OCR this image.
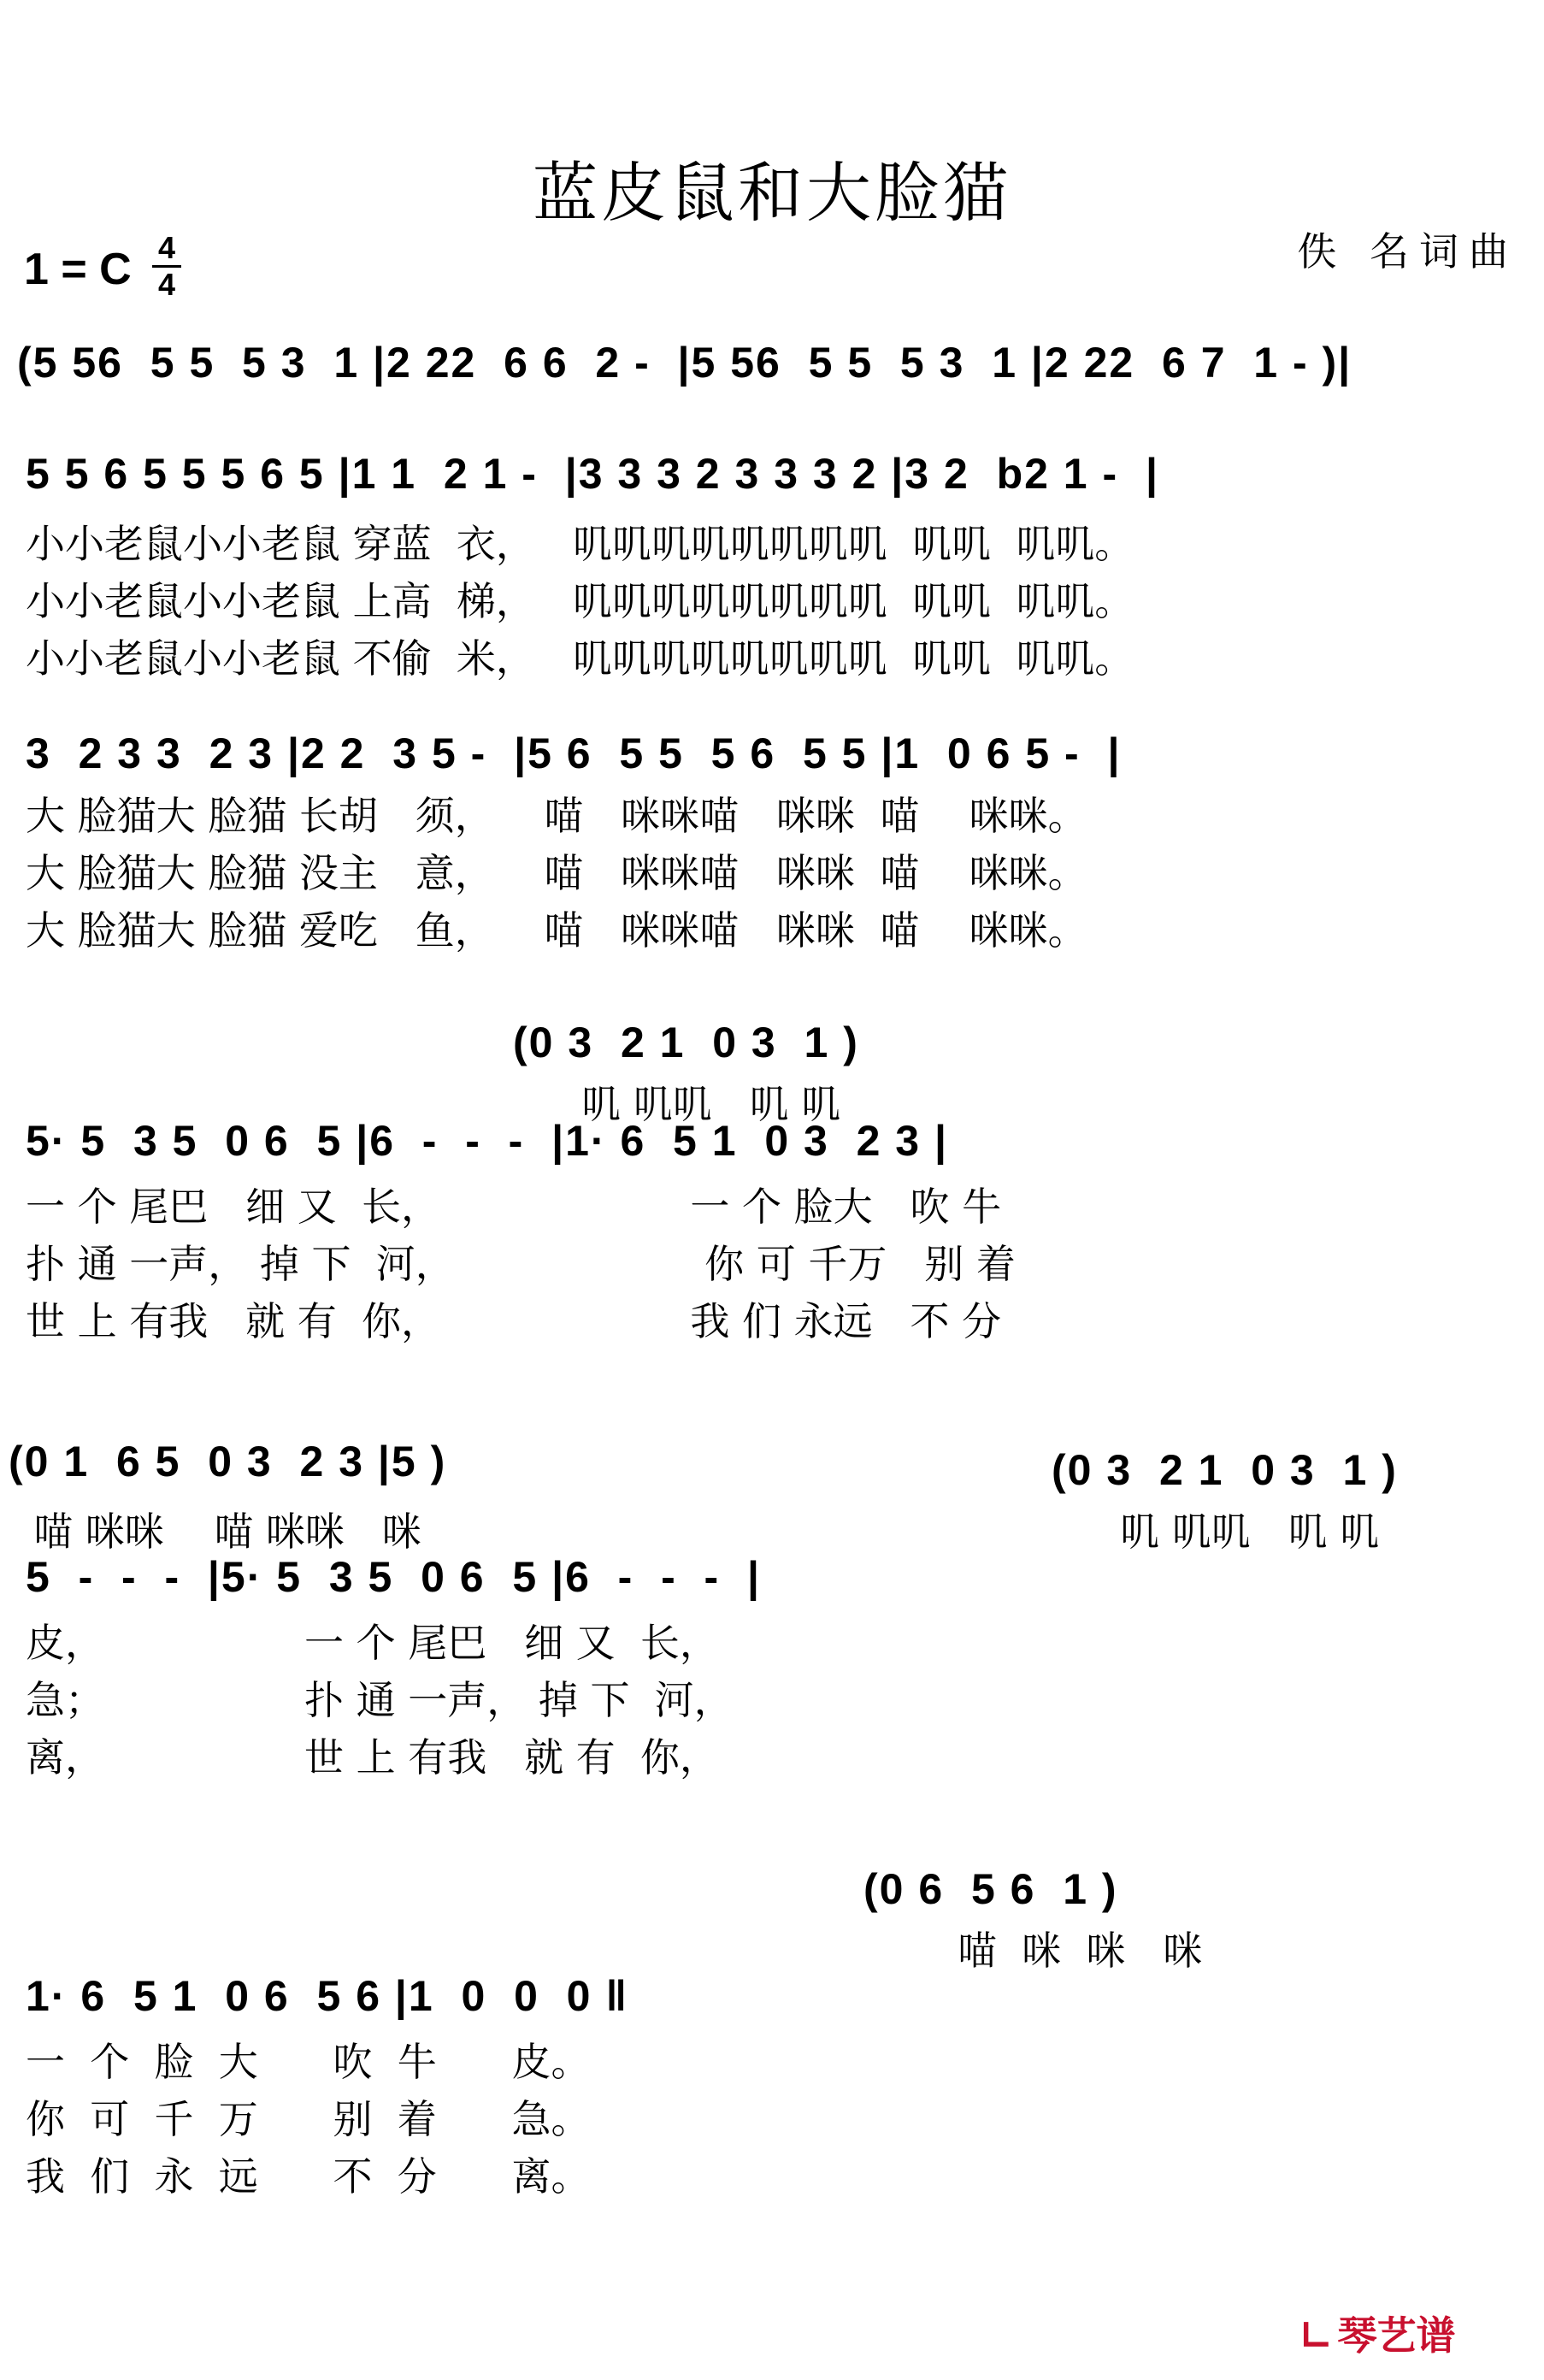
蓝皮鼠和大脸猫
佚 名词曲
1 = C 4
4
(5 56  5 5  5 3  1 |2 22  6 6  2 -  |5 56  5 5  5 3  1 |2 22  6 7  1 - )|
5 5 6 5 5 5 6 5 |1 1  2 1 -  |3 3 3 2 3 3 3 2 |3 2  b2 1 -  |
小小老鼠小小老鼠 穿蓝  衣，   叽叽叽叽叽叽叽叽  叽叽  叽叽。
小小老鼠小小老鼠 上高  梯，   叽叽叽叽叽叽叽叽  叽叽  叽叽。
小小老鼠小小老鼠 不偷  米，   叽叽叽叽叽叽叽叽  叽叽  叽叽。
3  2 3 3  2 3 |2 2  3 5 -  |5 6  5 5  5 6  5 5 |1  0 6 5 -  |
大 脸猫大 脸猫 长胡   须，    喵   咪咪喵   咪咪  喵    咪咪。
大 脸猫大 脸猫 没主   意，    喵   咪咪喵   咪咪  喵    咪咪。
大 脸猫大 脸猫 爱吃   鱼，    喵   咪咪喵   咪咪  喵    咪咪。
(0 3  2 1  0 3  1 )
叽 叽叽   叽 叽
5· 5  3 5  0 6  5 |6  -  -  -  |1· 6  5 1  0 3  2 3 |
一 个 尾巴   细 又  长，                    一 个 脸大   吹 牛
扑 通 一声， 掉 下  河，                    你 可 千万   别 着
世 上 有我   就 有  你，                    我 们 永远   不 分
(0 1  6 5  0 3  2 3 |5 )
喵 咪咪    喵 咪咪   咪
(0 3  2 1  0 3  1 )
叽 叽叽   叽 叽
5  -  -  -  |5· 5  3 5  0 6  5 |6  -  -  -  |
皮，                一 个 尾巴   细 又  长，
急；                扑 通 一声， 掉 下  河，
离，                世 上 有我   就 有  你，
(0 6  5 6  1 )
喵  咪  咪   咪
1· 6  5 1  0 6  5 6 |1  0  0  0 ‖
一  个  脸  大      吹  牛      皮。
你  可  千  万      别  着      急。
我  们  永  远      不  分      离。
∟ 琴艺谱
